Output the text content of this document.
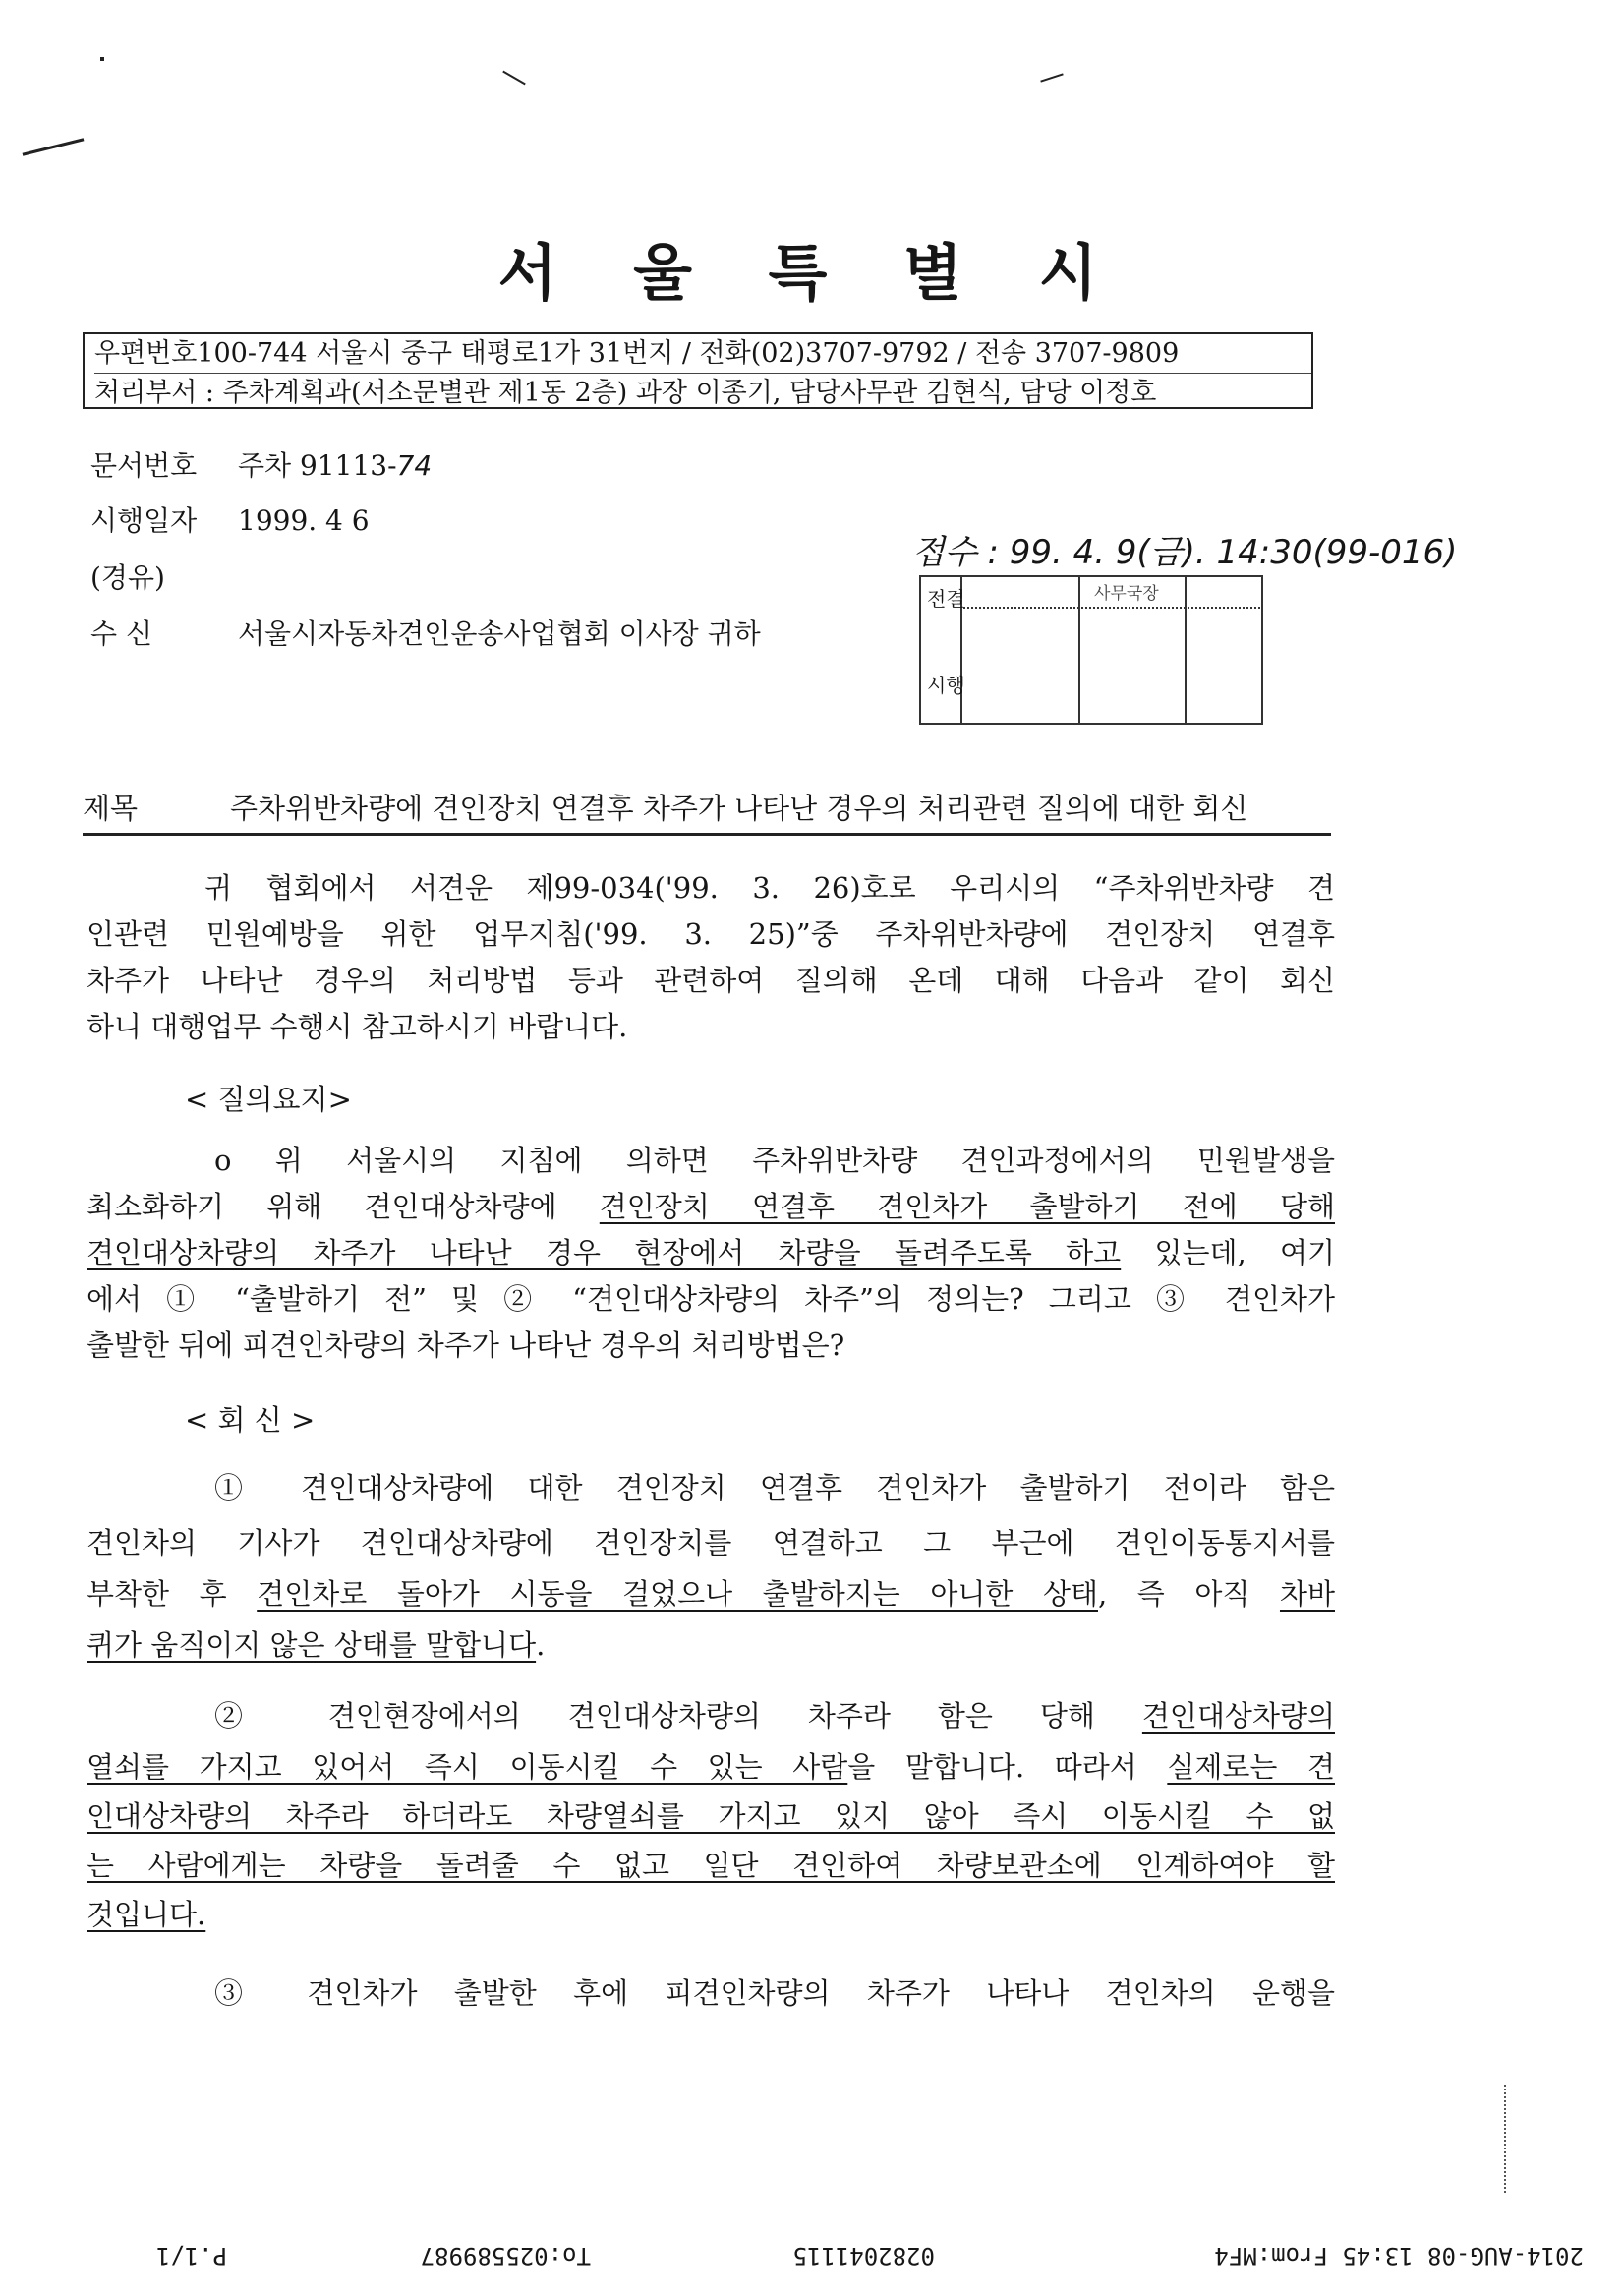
서 울 특 별 시
우편번호100-744 서울시 중구 태평로1가 31번지 / 전화(02)3707-9792 / 전송 3707-9809
처리부서 : 주차계획과(서소문별관 제1동 2층) 과장 이종기, 담당사무관 김현식, 담당 이정호
문서번호 주차 91113-74
시행일자 1999. 4 6
(경유)
수 신	서울시자동차견인운송사업협회 이사장 귀하
접수 : 99. 4. 9(금). 14:30(99-016)
전결
시행
사무국장
제목	주차위반차량에 견인장치 연결후 차주가 나타난 경우의 처리관련 질의에 대한 회신
귀 협회에서 서견운 제99-034('99. 3. 26)호로 우리시의 “주차위반차량 견
인관련 민원예방을 위한 업무지침('99. 3. 25)”중 주차위반차량에 견인장치 연결후
차주가 나타난 경우의 처리방법 등과 관련하여 질의해 온데 대해 다음과 같이 회신
하니 대행업무 수행시 참고하시기 바랍니다.
< 질의요지>
o 위 서울시의 지침에 의하면 주차위반차량 견인과정에서의 민원발생을
최소화하기 위해 견인대상차량에 견인장치 연결후 견인차가 출발하기 전에 당해
견인대상차량의 차주가 나타난 경우 현장에서 차량을 돌려주도록 하고 있는데, 여기
에서 ① “출발하기 전” 및 ② “견인대상차량의 차주”의 정의는? 그리고 ③ 견인차가
출발한 뒤에 피견인차량의 차주가 나타난 경우의 처리방법은?
< 회 신 >
① 견인대상차량에 대한 견인장치 연결후 견인차가 출발하기 전이라 함은
견인차의 기사가 견인대상차량에 견인장치를 연결하고 그 부근에 견인이동통지서를
부착한 후 견인차로 돌아가 시동을 걸었으나 출발하지는 아니한 상태, 즉 아직 차바
퀴가 움직이지 않은 상태를 말합니다.
② 견인현장에서의 견인대상차량의 차주라 함은 당해 견인대상차량의
열쇠를 가지고 있어서 즉시 이동시킬 수 있는 사람을 말합니다. 따라서 실제로는 견
인대상차량의 차주라 하더라도 차량열쇠를 가지고 있지 않아 즉시 이동시킬 수 없
는 사람에게는 차량을 돌려줄 수 없고 일단 견인하여 차량보관소에 인계하여야 할
것입니다.
③ 견인차가 출발한 후에 피견인차량의 차주가 나타나 견인차의 운행을
2014-AUG-08 13:45 From:MF4
0282041115
To:025589987
P.1/1
